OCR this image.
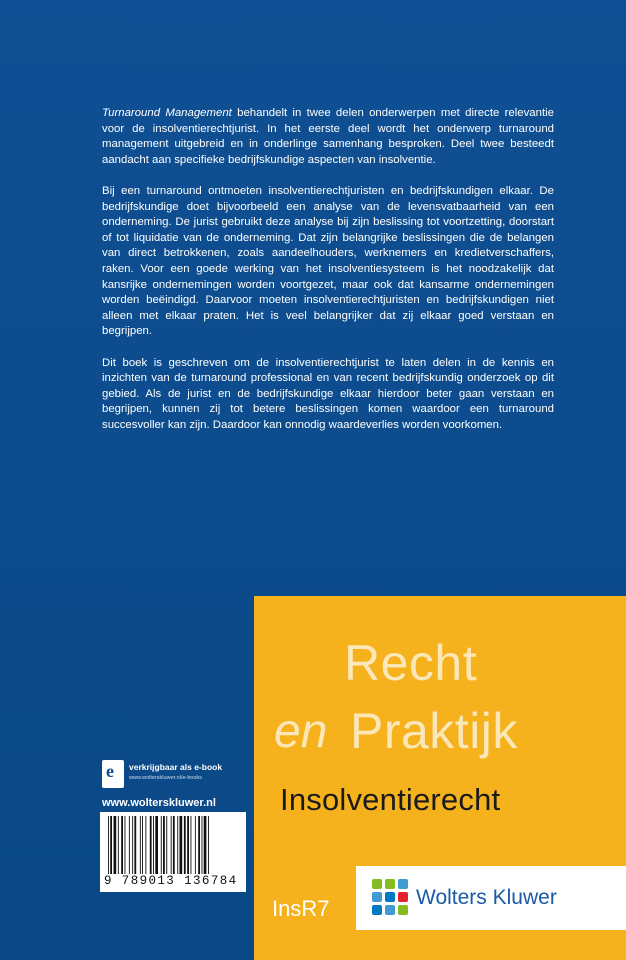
Turnaround Management behandelt in twee delen onderwerpen met directe relevantie voor de insolventierechtjurist. In het eerste deel wordt het onderwerp turnaround management uitgebreid en in onderlinge samenhang besproken. Deel twee besteedt aandacht aan specifieke bedrijfskundige aspecten van insolventie.

Bij een turnaround ontmoeten insolventierechtjuristen en bedrijfskundigen elkaar. De bedrijfskundige doet bijvoorbeeld een analyse van de levensvatbaarheid van een onderneming. De jurist gebruikt deze analyse bij zijn beslissing tot voortzetting, doorstart of tot liquidatie van de onderneming. Dat zijn belangrijke beslissingen die de belangen van direct betrokkenen, zoals aandeelhouders, werknemers en kredietverschaffers, raken. Voor een goede werking van het insolventiesysteem is het noodzakelijk dat kansrijke ondernemingen worden voortgezet, maar ook dat kansarme ondernemingen worden beëindigd. Daarvoor moeten insolventierechtjuristen en bedrijfskundigen niet alleen met elkaar praten. Het is veel belangrijker dat zij elkaar goed verstaan en begrijpen.

Dit boek is geschreven om de insolventierechtjurist te laten delen in de kennis en inzichten van de turnaround professional en van recent bedrijfskundig onderzoek op dit gebied. Als de jurist en de bedrijfskundige elkaar hierdoor beter gaan verstaan en begrijpen, kunnen zij tot betere beslissingen komen waardoor een turnaround succesvoller kan zijn. Daardoor kan onnodig waardeverlies worden voorkomen.

e verkrijgbaar als e-book
www.wolterskluwer.nl/e-books
www.wolterskluwer.nl
9 789013 136784
Recht
en Praktijk
Insolventierecht
InsR7	Wolters Kluwer
